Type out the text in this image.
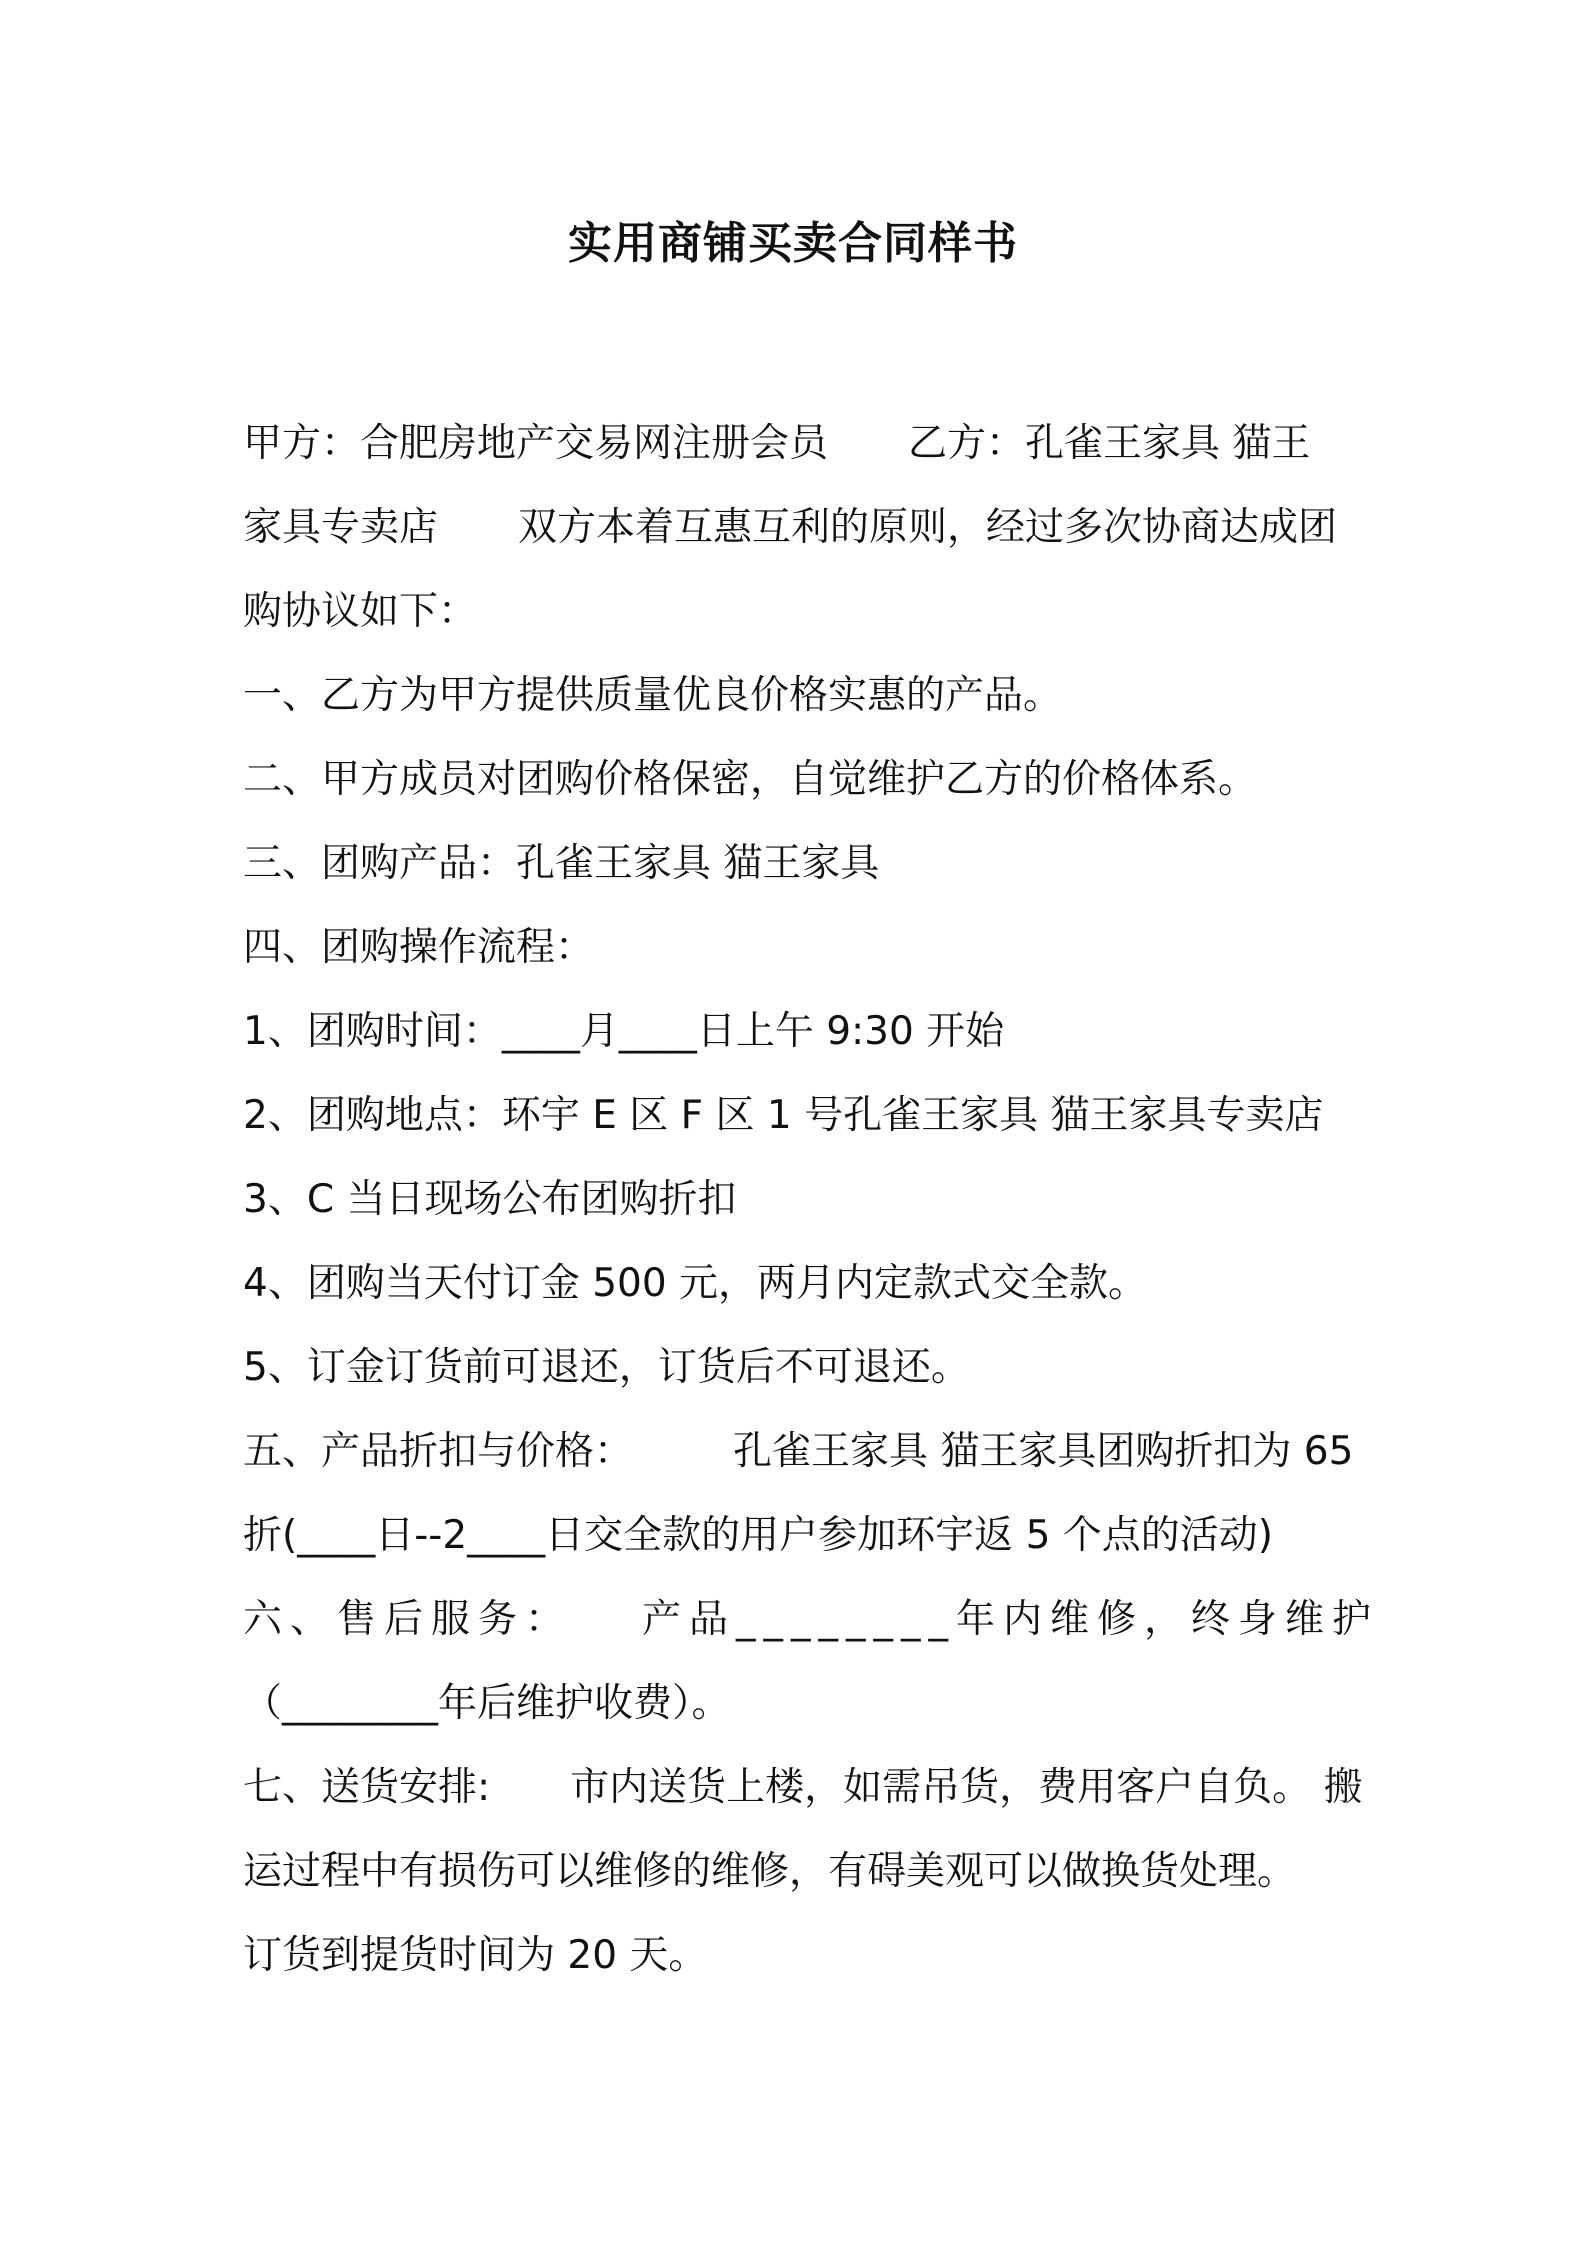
实用商铺买卖合同样书
甲方：合肥房地产交易网注册会员 乙方：孔雀王家具 猫王
家具专卖店 双方本着互惠互利的原则，经过多次协商达成团
购协议如下：
一、乙方为甲方提供质量优良价格实惠的产品。
二、甲方成员对团购价格保密，自觉维护乙方的价格体系。
三、团购产品：孔雀王家具 猫王家具
四、团购操作流程：
1、团购时间：____月____日上午 9:30 开始
2、团购地点：环宇 E 区 F 区 1 号孔雀王家具 猫王家具专卖店
3、C 当日现场公布团购折扣
4、团购当天付订金 500 元，两月内定款式交全款。
5、订金订货前可退还，订货后不可退还。
五、产品折扣与价格：	孔雀王家具 猫王家具团购折扣为 65
折(____日--2____日交全款的用户参加环宇返 5 个点的活动)
六、售后服务： 产品________年内维修，终身维护
（________年后维护收费）。
七、送货安排: 市内送货上楼，如需吊货，费用客户自负。 搬
运过程中有损伤可以维修的维修，有碍美观可以做换货处理。
订货到提货时间为 20 天。
